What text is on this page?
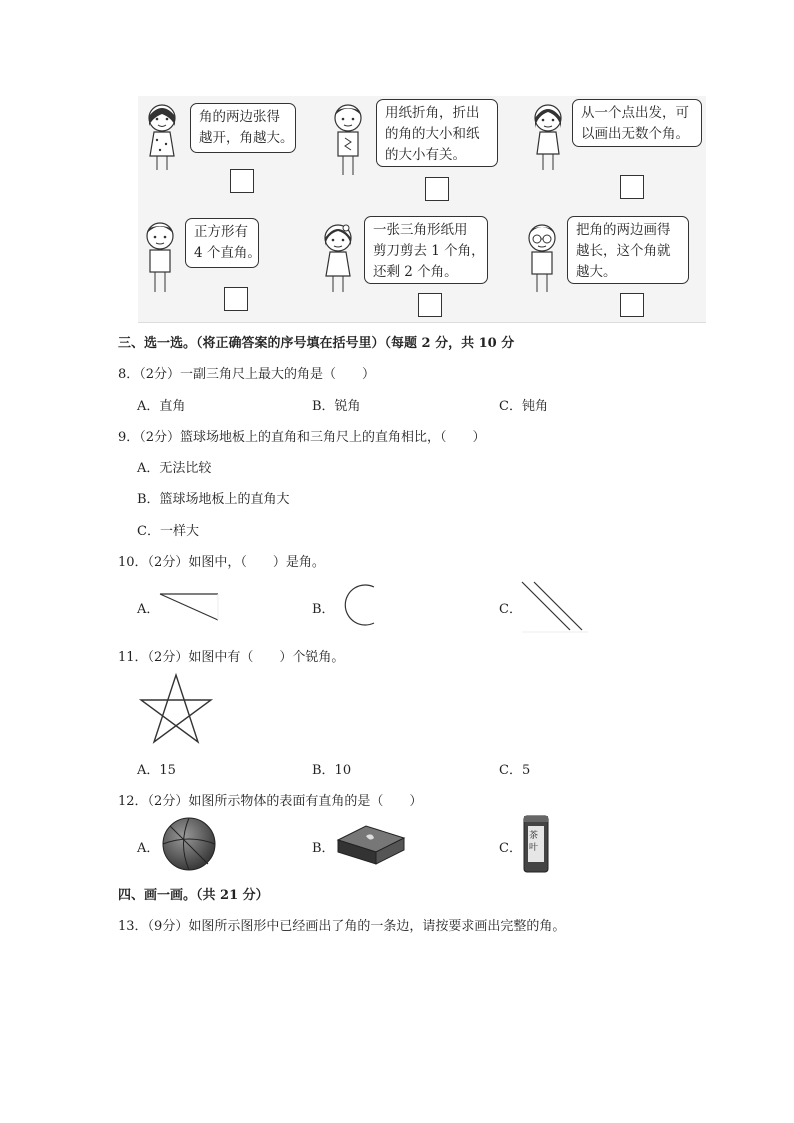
角的两边张得
越开，角越大。
用纸折角，折出
的角的大小和纸
的大小有关。
从一个点出发，可
以画出无数个角。
正方形有
4 个直角。
一张三角形纸用
剪刀剪去 1 个角，
还剩 2 个角。
把角的两边画得
越长，这个角就
越大。
三、选一选。（将正确答案的序号填在括号里）（每题 2 分，共 10 分
8．（2分）一副三角尺上最大的角是（　　）
A．直角	B．锐角	C．钝角
9．（2分）篮球场地板上的直角和三角尺上的直角相比，（　　）
A．无法比较
B．篮球场地板上的直角大
C．一样大
10．（2分）如图中，（　　）是角。
A．	B．	C．
11．（2分）如图中有（　　）个锐角。
A．15	B．10	C．5
12．（2分）如图所示物体的表面有直角的是（　　）
A．	B．	C．
茶叶
四、画一画。（共 21 分）
13．（9分）如图所示图形中已经画出了角的一条边，请按要求画出完整的角。
